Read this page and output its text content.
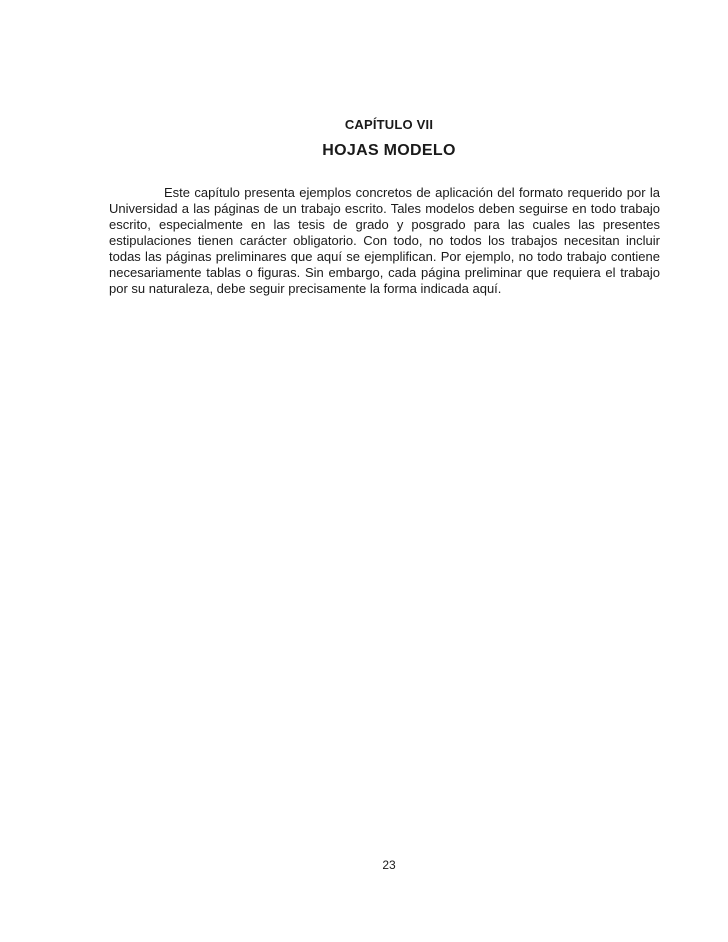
CAPÍTULO VII
HOJAS MODELO

Este capítulo presenta ejemplos concretos de aplicación del formato requerido por la Universidad a las páginas de un trabajo escrito. Tales modelos deben seguirse en todo trabajo escrito, especialmente en las tesis de grado y posgrado para las cuales las presentes estipulaciones tienen carácter obligatorio. Con todo, no todos los trabajos necesitan incluir todas las páginas preliminares que aquí se ejemplifican. Por ejemplo, no todo trabajo contiene necesariamente tablas o figuras. Sin embargo, cada página preliminar que requiera el trabajo por su naturaleza, debe seguir precisamente la forma indicada aquí.

23
